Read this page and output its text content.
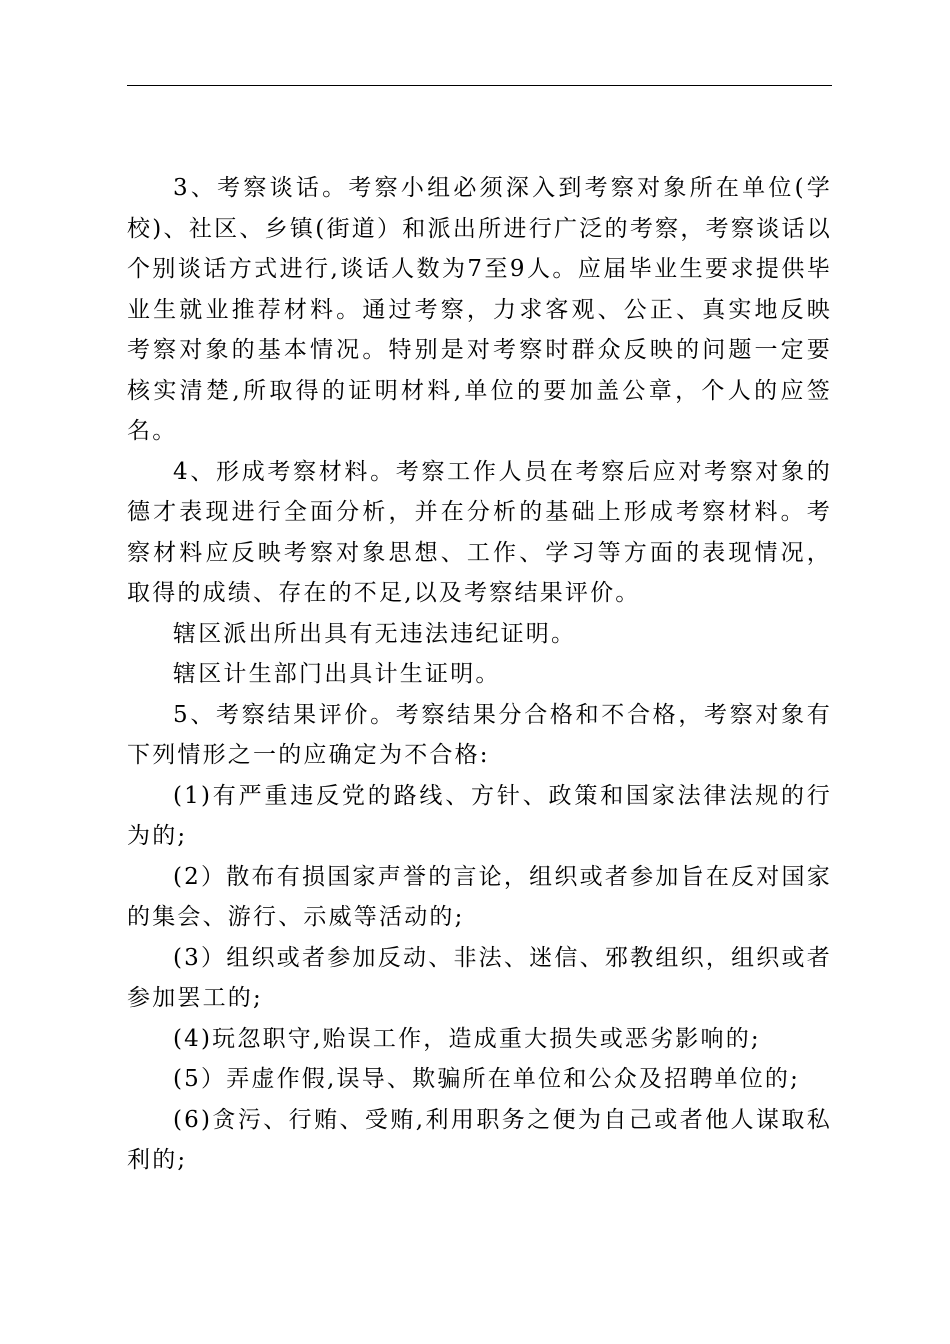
3、考察谈话。考察小组必须深入到考察对象所在单位(学校)、社区、乡镇(街道）和派出所进行广泛的考察，考察谈话以个别谈话方式进行,谈话人数为7至9人。应届毕业生要求提供毕业生就业推荐材料。通过考察，力求客观、公正、真实地反映考察对象的基本情况。特别是对考察时群众反映的问题一定要核实清楚,所取得的证明材料,单位的要加盖公章，个人的应签名。

4、形成考察材料。考察工作人员在考察后应对考察对象的德才表现进行全面分析，并在分析的基础上形成考察材料。考察材料应反映考察对象思想、工作、学习等方面的表现情况，取得的成绩、存在的不足,以及考察结果评价。

辖区派出所出具有无违法违纪证明。

辖区计生部门出具计生证明。

5、考察结果评价。考察结果分合格和不合格，考察对象有下列情形之一的应确定为不合格:

(1)有严重违反党的路线、方针、政策和国家法律法规的行为的;

(2）散布有损国家声誉的言论，组织或者参加旨在反对国家的集会、游行、示威等活动的;

(3）组织或者参加反动、非法、迷信、邪教组织，组织或者参加罢工的;

(4)玩忽职守,贻误工作，造成重大损失或恶劣影响的;

(5）弄虚作假,误导、欺骗所在单位和公众及招聘单位的;

(6)贪污、行贿、受贿,利用职务之便为自己或者他人谋取私利的;
